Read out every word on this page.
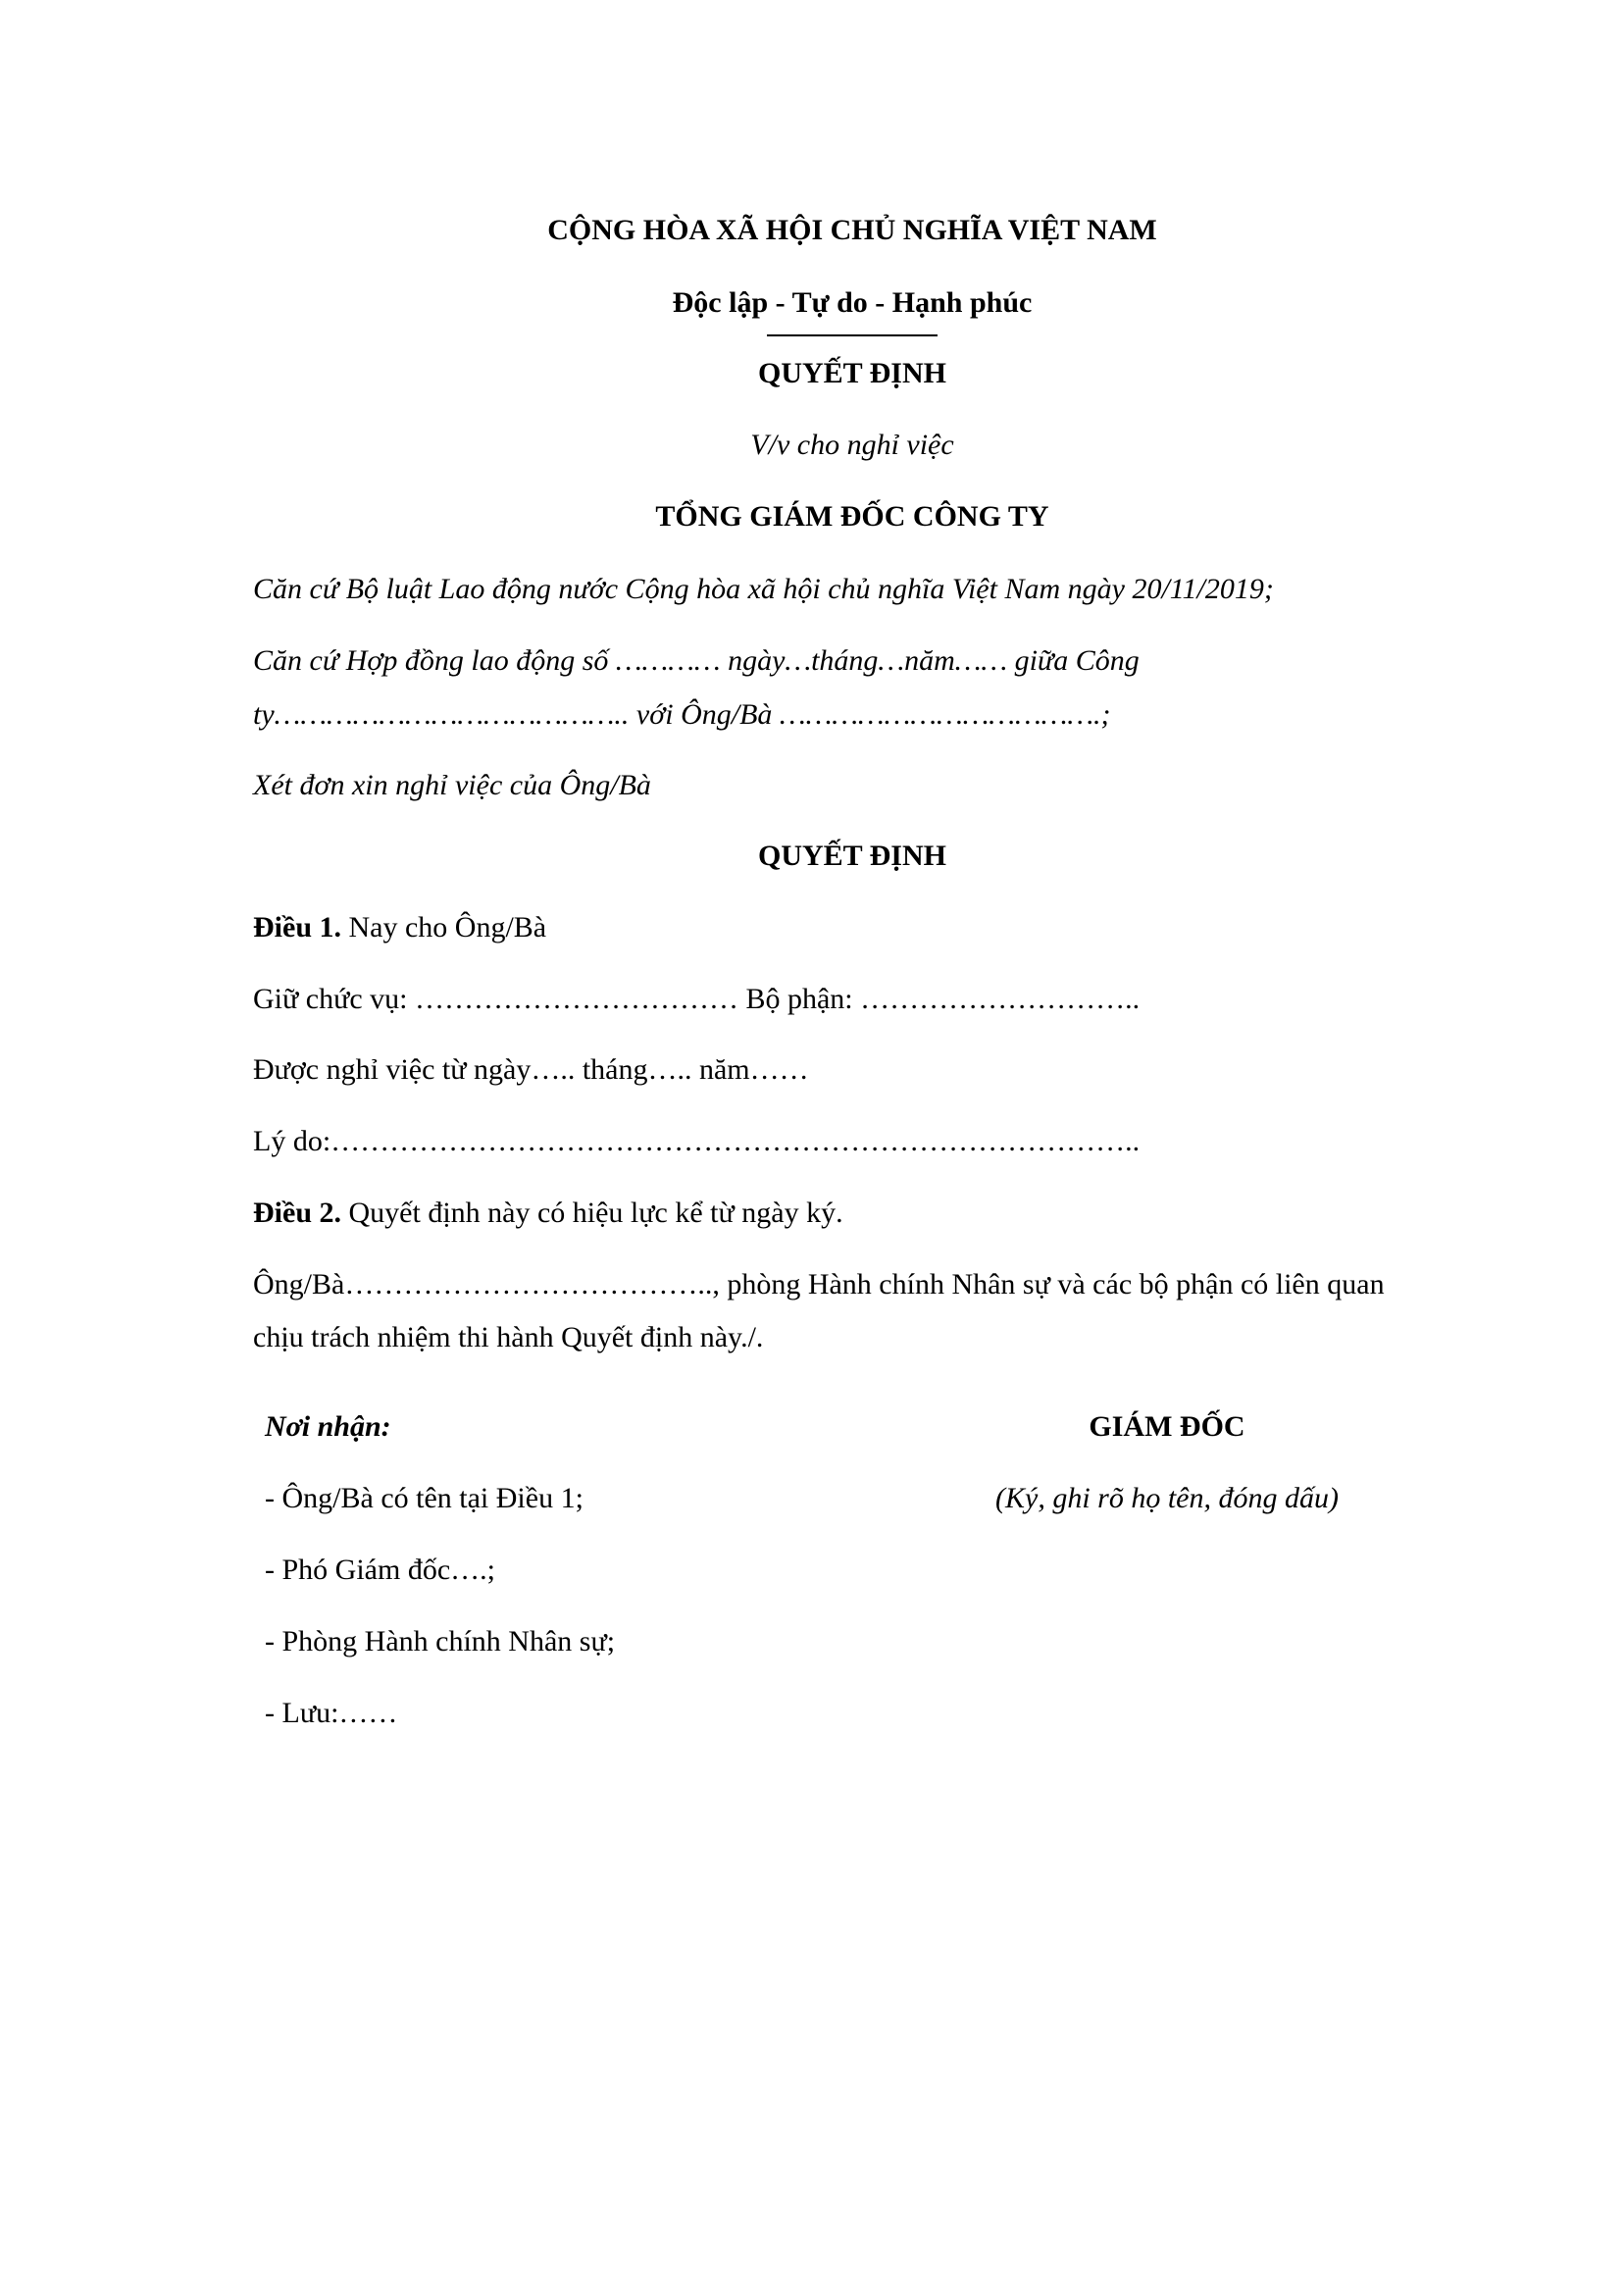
CỘNG HÒA XÃ HỘI CHỦ NGHĨA VIỆT NAM
Độc lập - Tự do - Hạnh phúc
QUYẾT ĐỊNH
V/v cho nghỉ việc
TỔNG GIÁM ĐỐC CÔNG TY
Căn cứ Bộ luật Lao động nước Cộng hòa xã hội chủ nghĩa Việt Nam ngày 20/11/2019;
Căn cứ Hợp đồng lao động số ………… ngày…tháng…năm…… giữa Công
ty………………………………….. với Ông/Bà ……………………………….;
Xét đơn xin nghỉ việc của Ông/Bà
QUYẾT ĐỊNH
Điều 1. Nay cho Ông/Bà
Giữ chức vụ: …………………………… Bộ phận: ………………………..
Được nghỉ việc từ ngày….. tháng….. năm……
Lý do:………………………………………………………………………..
Điều 2. Quyết định này có hiệu lực kể từ ngày ký.
Ông/Bà……………………………….., phòng Hành chính Nhân sự và các bộ phận có liên quan
chịu trách nhiệm thi hành Quyết định này./.
Nơi nhận:
- Ông/Bà có tên tại Điều 1;
- Phó Giám đốc….;
- Phòng Hành chính Nhân sự;
- Lưu:……
GIÁM ĐỐC
(Ký, ghi rõ họ tên, đóng dấu)
